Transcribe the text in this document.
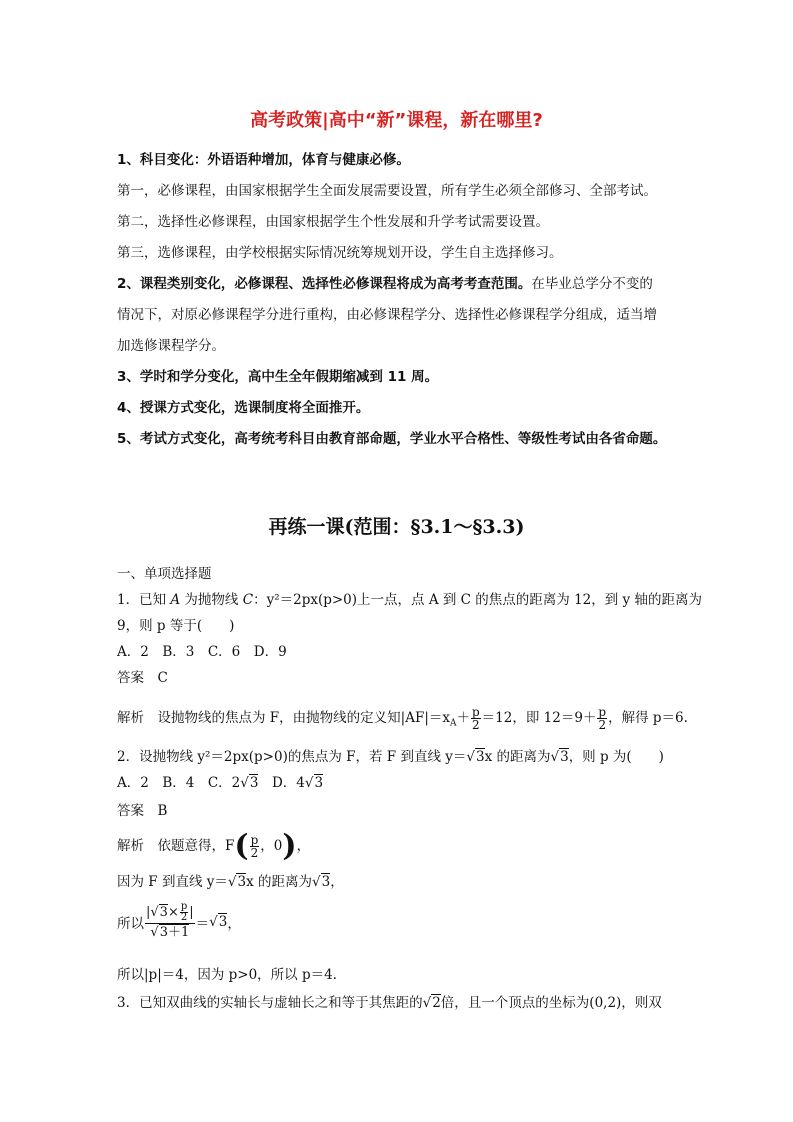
高考政策|高中“新”课程，新在哪里?

1、科目变化：外语语种增加，体育与健康必修。

第一，必修课程，由国家根据学生全面发展需要设置，所有学生必须全部修习、全部考试。

第二，选择性必修课程，由国家根据学生个性发展和升学考试需要设置。

第三，选修课程，由学校根据实际情况统筹规划开设，学生自主选择修习。

2、课程类别变化，必修课程、选择性必修课程将成为高考考查范围。在毕业总学分不变的

情况下，对原必修课程学分进行重构，由必修课程学分、选择性必修课程学分组成，适当增

加选修课程学分。

3、学时和学分变化，高中生全年假期缩减到 11 周。

4、授课方式变化，选课制度将全面推开。

5、考试方式变化，高考统考科目由教育部命题，学业水平合格性、等级性考试由各省命题。

再练一课(范围：§3.1～§3.3)

一、单项选择题

1．已知 A 为抛物线 C：y²＝2px(p>0)上一点，点 A 到 C 的焦点的距离为 12，到 y 轴的距离为

9，则 p 等于(　　)

A．2　B．3　C．6　D．9

答案　C

解析　设抛物线的焦点为 F，由抛物线的定义知$|AF|=x_A+ \frac{p}{2} =12$，即 $12=9+ \frac{p}{2}$ ，解得 p＝6.
2．设抛物线 y²＝2px(p>0)的焦点为 F，若 F 到直线 y＝√3x 的距离为√3，则 p 为(　　)
A．2　B．4　C．2√3　D．4√3
答案　B
解析　依题意得，$F( \frac{p}{2}$ ，0)，
因为 F 到直线 y＝√3x 的距离为√3，
所以 $\frac{|√3\times \frac{p}{2} |}{√3+1} =√3$，
所以|p|＝4，因为 p>0，所以 p＝4.
3．已知双曲线的实轴长与虚轴长之和等于其焦距的√2倍，且一个顶点的坐标为(0,2)，则双
